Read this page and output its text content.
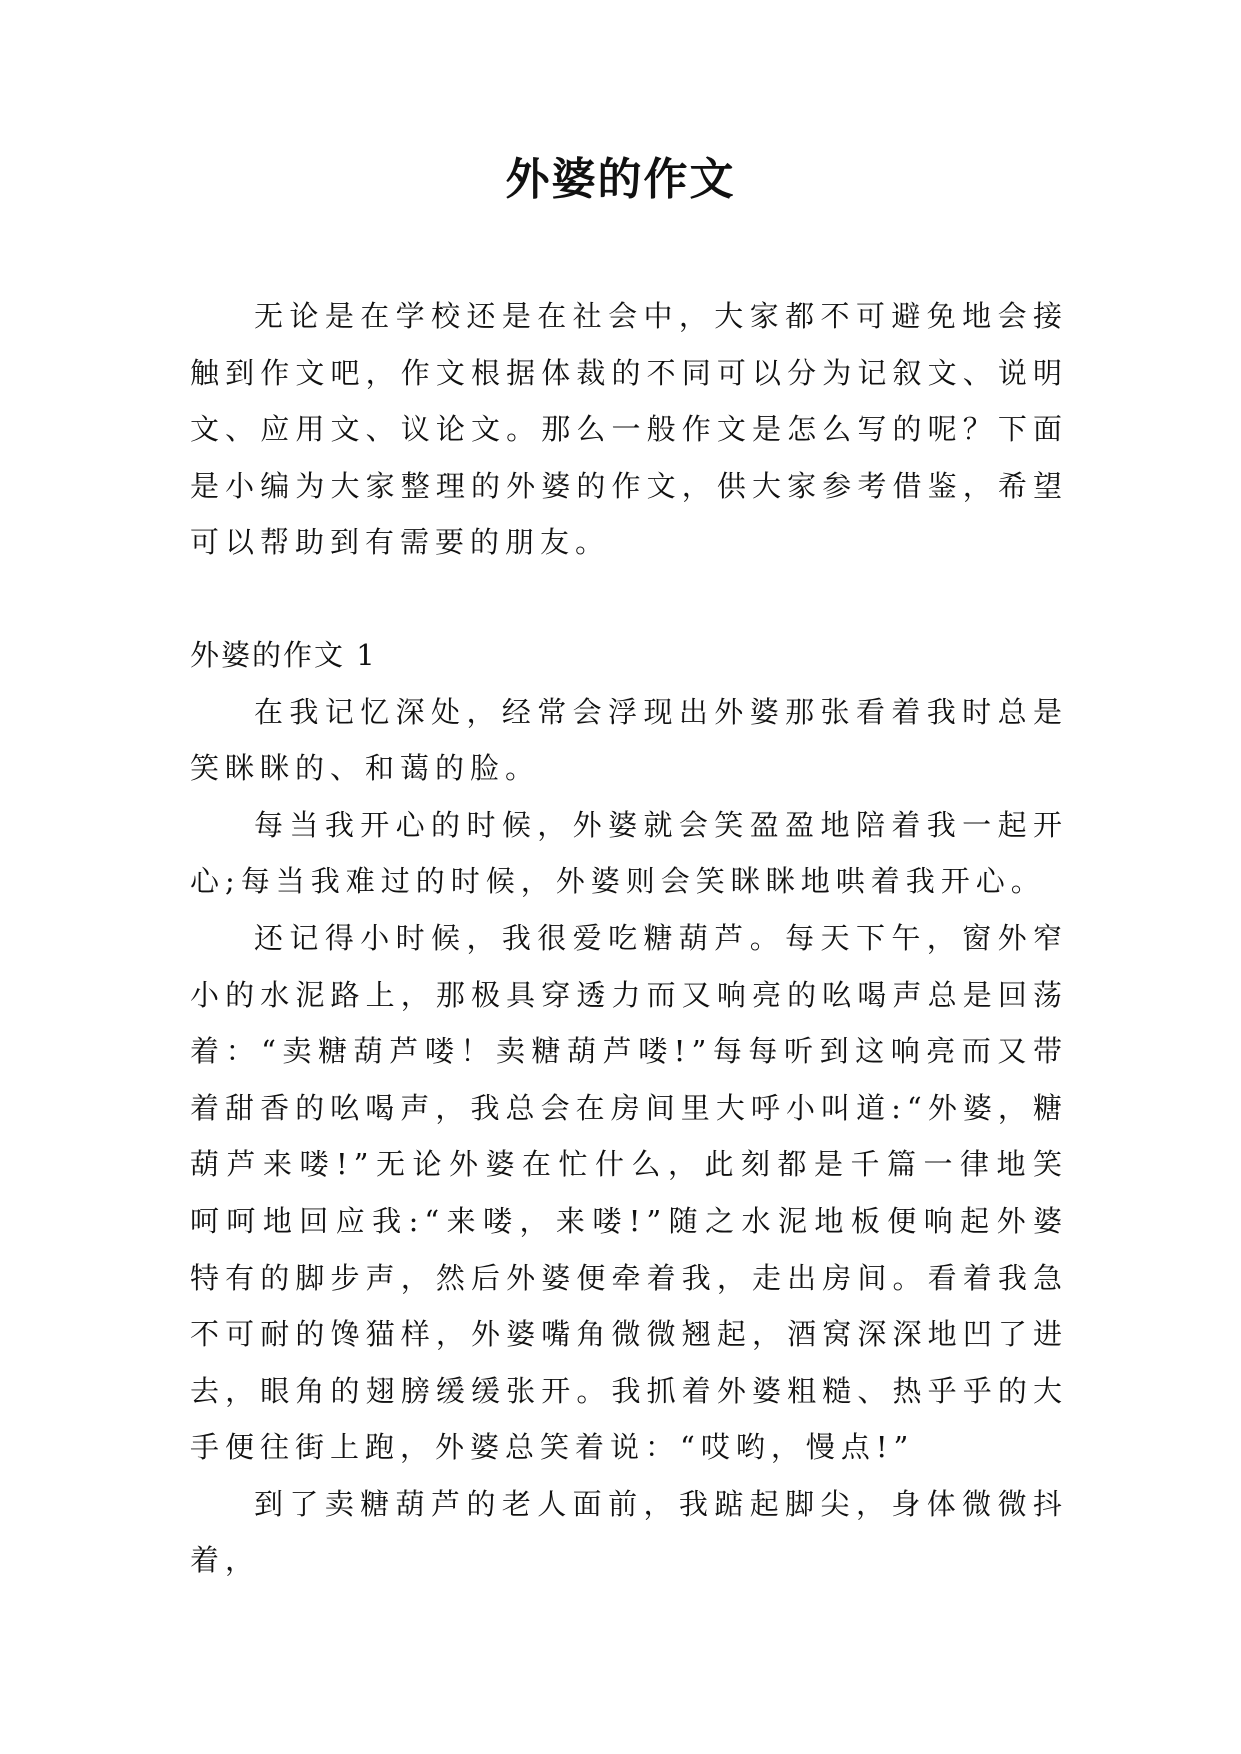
外婆的作文

无论是在学校还是在社会中，大家都不可避免地会接触到作文吧，作文根据体裁的不同可以分为记叙文、说明文、应用文、议论文。那么一般作文是怎么写的呢？下面是小编为大家整理的外婆的作文，供大家参考借鉴，希望可以帮助到有需要的朋友。

外婆的作文 1

在我记忆深处，经常会浮现出外婆那张看着我时总是笑眯眯的、和蔼的脸。

每当我开心的时候，外婆就会笑盈盈地陪着我一起开心;每当我难过的时候，外婆则会笑眯眯地哄着我开心。

还记得小时候，我很爱吃糖葫芦。每天下午，窗外窄小的水泥路上，那极具穿透力而又响亮的吆喝声总是回荡着：“卖糖葫芦喽！卖糖葫芦喽!”每每听到这响亮而又带着甜香的吆喝声，我总会在房间里大呼小叫道:“外婆，糖葫芦来喽!”无论外婆在忙什么，此刻都是千篇一律地笑呵呵地回应我:“来喽，来喽!”随之水泥地板便响起外婆特有的脚步声，然后外婆便牵着我，走出房间。看着我急不可耐的馋猫样，外婆嘴角微微翘起，酒窝深深地凹了进去，眼角的翅膀缓缓张开。我抓着外婆粗糙、热乎乎的大手便往街上跑，外婆总笑着说：“哎哟，慢点!”

到了卖糖葫芦的老人面前，我踮起脚尖，身体微微抖着，
